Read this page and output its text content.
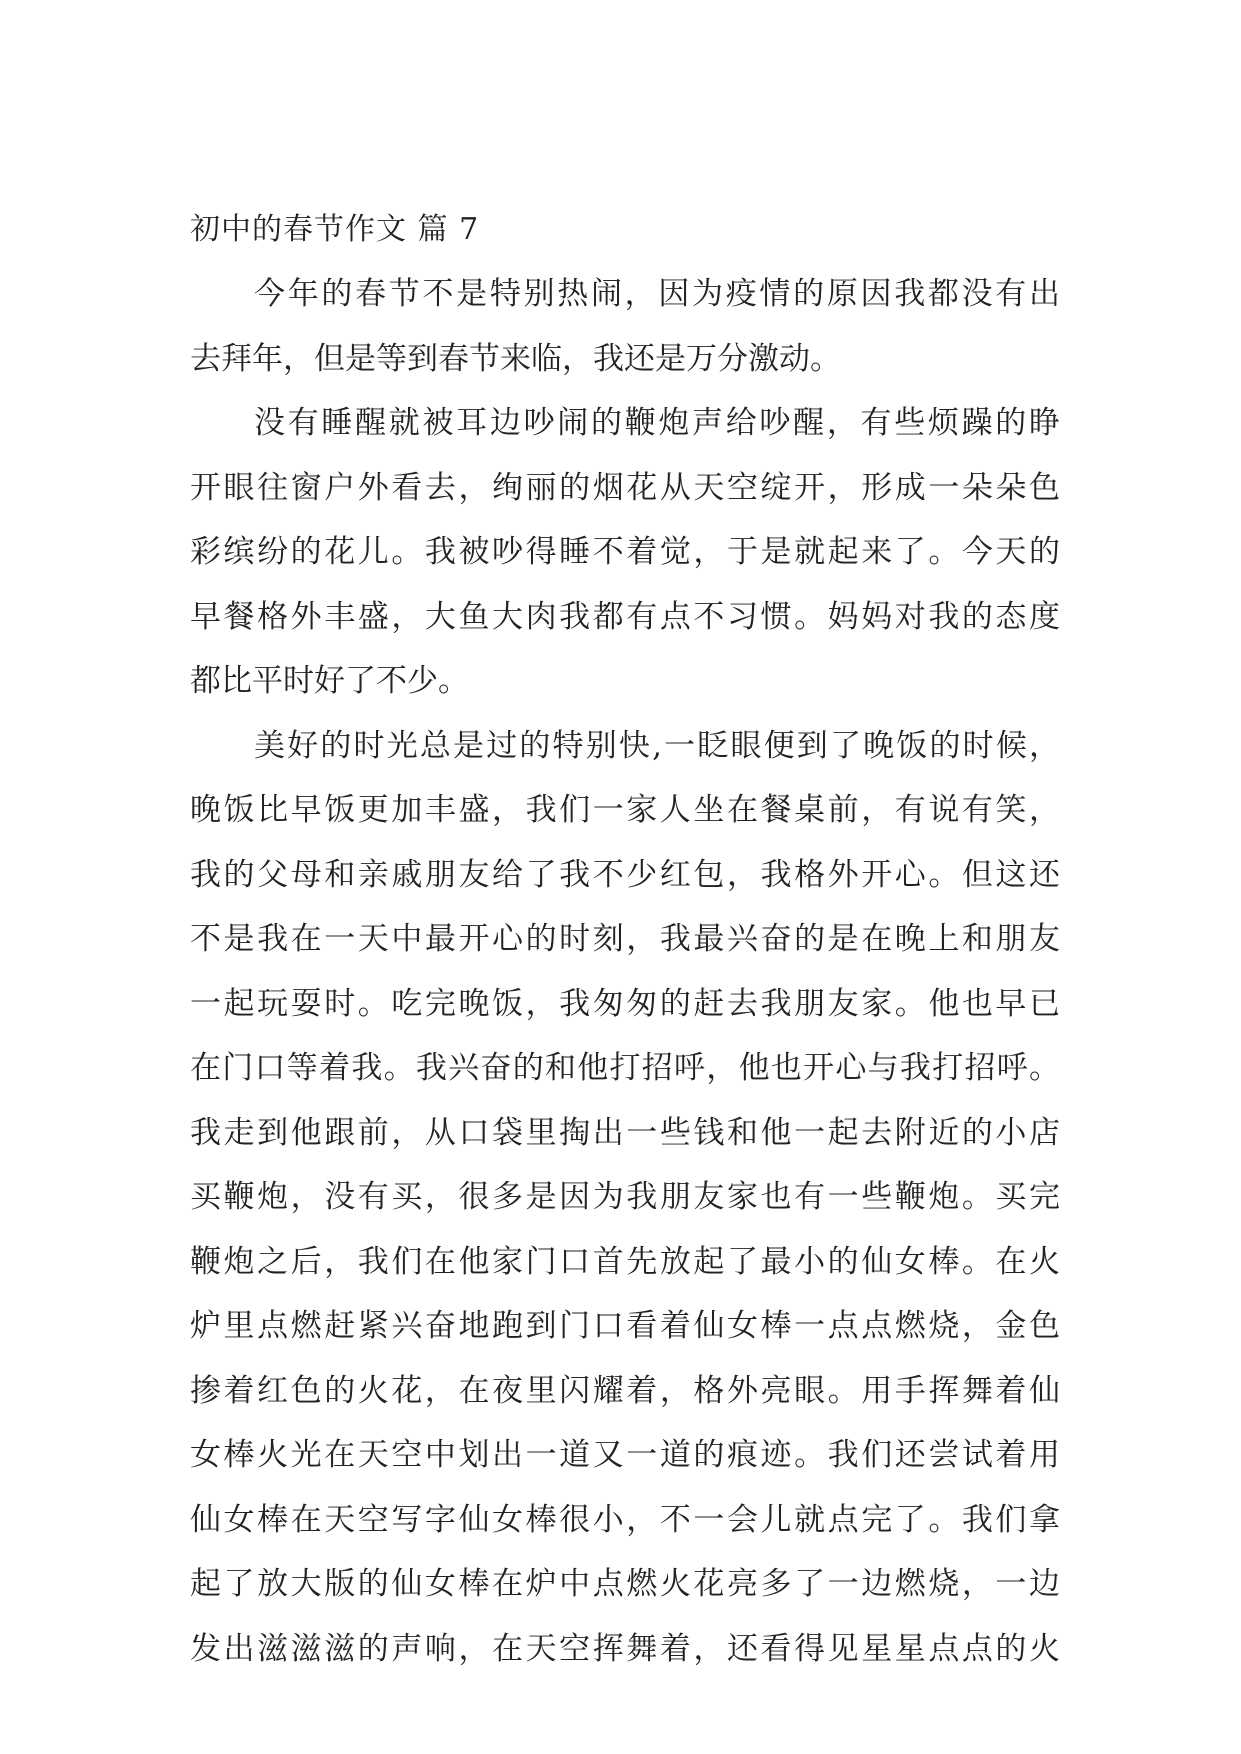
初中的春节作文 篇 7
今年的春节不是特别热闹，因为疫情的原因我都没有出
去拜年，但是等到春节来临，我还是万分激动。
没有睡醒就被耳边吵闹的鞭炮声给吵醒，有些烦躁的睁
开眼往窗户外看去，绚丽的烟花从天空绽开，形成一朵朵色
彩缤纷的花儿。我被吵得睡不着觉，于是就起来了。今天的
早餐格外丰盛，大鱼大肉我都有点不习惯。妈妈对我的态度
都比平时好了不少。
美好的时光总是过的特别快,一眨眼便到了晚饭的时候，
晚饭比早饭更加丰盛，我们一家人坐在餐桌前，有说有笑，
我的父母和亲戚朋友给了我不少红包，我格外开心。但这还
不是我在一天中最开心的时刻，我最兴奋的是在晚上和朋友
一起玩耍时。吃完晚饭，我匆匆的赶去我朋友家。他也早已
在门口等着我。我兴奋的和他打招呼，他也开心与我打招呼。
我走到他跟前，从口袋里掏出一些钱和他一起去附近的小店
买鞭炮，没有买，很多是因为我朋友家也有一些鞭炮。买完
鞭炮之后，我们在他家门口首先放起了最小的仙女棒。在火
炉里点燃赶紧兴奋地跑到门口看着仙女棒一点点燃烧，金色
掺着红色的火花，在夜里闪耀着，格外亮眼。用手挥舞着仙
女棒火光在天空中划出一道又一道的痕迹。我们还尝试着用
仙女棒在天空写字仙女棒很小，不一会儿就点完了。我们拿
起了放大版的仙女棒在炉中点燃火花亮多了一边燃烧，一边
发出滋滋滋的声响，在天空挥舞着，还看得见星星点点的火
